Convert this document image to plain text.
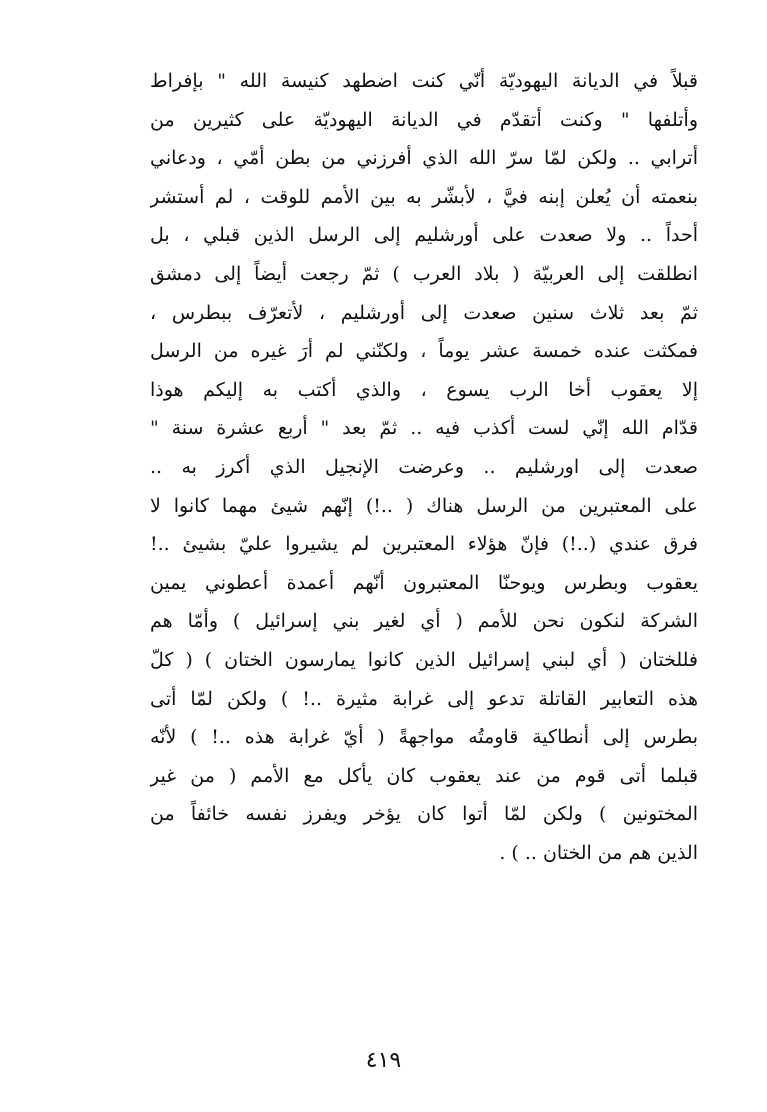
قبلاً في الديانة اليهوديّة أنّي كنت اضطهد كنيسة الله " بإفراط
وأتلفها " وكنت أتقدّم في الديانة اليهوديّة على كثيرين من
أترابي .. ولكن لمّا سرّ الله الذي أفرزني من بطن أمّي ، ودعاني
بنعمته أن يُعلن إبنه فيَّ ، لأبشّر به بين الأمم للوقت ، لم أستشر
أحداً .. ولا صعدت على أورشليم إلى الرسل الذين قبلي ، بل
انطلقت إلى العربيّة ( بلاد العرب ) ثمّ رجعت أيضاً إلى دمشق
ثمّ بعد ثلاث سنين صعدت إلى أورشليم ، لأتعرّف ببطرس ،
فمكثت عنده خمسة عشر يوماً ، ولكنّني لم أرَ غيره من الرسل
إلا يعقوب أخا الرب يسوع ، والذي أكتب به إليكم هوذا
قدّام الله إنّي لست أكذب فيه .. ثمّ بعد " أربع عشرة سنة "
صعدت إلى اورشليم .. وعرضت الإنجيل الذي أكرز به ..
على المعتبرين من الرسل هناك ( ..!) إنّهم شيئ مهما كانوا لا
فرق عندي (..!) فإنّ هؤلاء المعتبرين لم يشيروا عليّ بشيئ ..!
يعقوب وبطرس ويوحنّا المعتبرون أنّهم أعمدة أعطوني يمين
الشركة لنكون نحن للأمم ( أي لغير بني إسرائيل ) وأمّا هم
فللختان ( أي لبني إسرائيل الذين كانوا يمارسون الختان ) ( كلّ
هذه التعابير القاتلة تدعو إلى غرابة مثيرة ..! ) ولكن لمّا أتى
بطرس إلى أنطاكية قاومتُه مواجهةً ( أيّ غرابة هذه ..! ) لأنّه
قبلما أتى قوم من عند يعقوب كان يأكل مع الأمم ( من غير
المختونين ) ولكن لمّا أتوا كان يؤخر ويفرز نفسه خائفاً من
الذين هم من الختان .. ) .
٤١٩
